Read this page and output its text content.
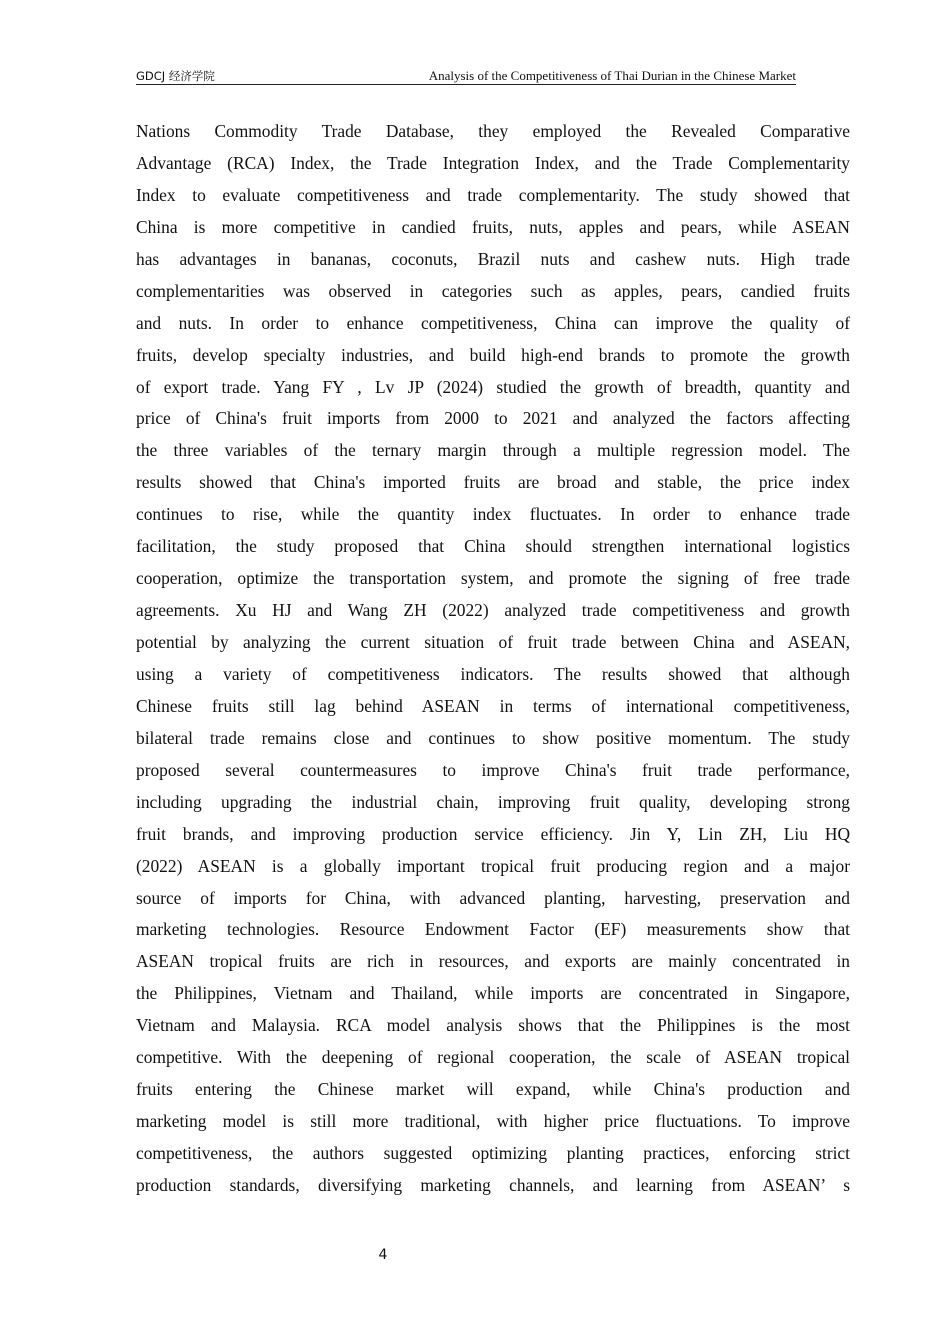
GDCJ 经济学院	Analysis of the Competitiveness of Thai Durian in the Chinese Market
Nations Commodity Trade Database, they employed the Revealed Comparative
Advantage (RCA) Index, the Trade Integration Index, and the Trade Complementarity
Index to evaluate competitiveness and trade complementarity. The study showed that
China is more competitive in candied fruits, nuts, apples and pears, while ASEAN
has advantages in bananas, coconuts, Brazil nuts and cashew nuts. High trade
complementarities was observed in categories such as apples, pears, candied fruits
and nuts. In order to enhance competitiveness, China can improve the quality of
fruits, develop specialty industries, and build high-end brands to promote the growth
of export trade. Yang FY , Lv JP (2024) studied the growth of breadth, quantity and
price of China's fruit imports from 2000 to 2021 and analyzed the factors affecting
the three variables of the ternary margin through a multiple regression model. The
results showed that China's imported fruits are broad and stable, the price index
continues to rise, while the quantity index fluctuates. In order to enhance trade
facilitation, the study proposed that China should strengthen international logistics
cooperation, optimize the transportation system, and promote the signing of free trade
agreements. Xu HJ and Wang ZH (2022) analyzed trade competitiveness and growth
potential by analyzing the current situation of fruit trade between China and ASEAN,
using a variety of competitiveness indicators. The results showed that although
Chinese fruits still lag behind ASEAN in terms of international competitiveness,
bilateral trade remains close and continues to show positive momentum. The study
proposed several countermeasures to improve China's fruit trade performance,
including upgrading the industrial chain, improving fruit quality, developing strong
fruit brands, and improving production service efficiency. Jin Y, Lin ZH, Liu HQ
(2022) ASEAN is a globally important tropical fruit producing region and a major
source of imports for China, with advanced planting, harvesting, preservation and
marketing technologies. Resource Endowment Factor (EF) measurements show that
ASEAN tropical fruits are rich in resources, and exports are mainly concentrated in
the Philippines, Vietnam and Thailand, while imports are concentrated in Singapore,
Vietnam and Malaysia. RCA model analysis shows that the Philippines is the most
competitive. With the deepening of regional cooperation, the scale of ASEAN tropical
fruits entering the Chinese market will expand, while China's production and
marketing model is still more traditional, with higher price fluctuations. To improve
competitiveness, the authors suggested optimizing planting practices, enforcing strict
production standards, diversifying marketing channels, and learning from ASEAN’ s
4
